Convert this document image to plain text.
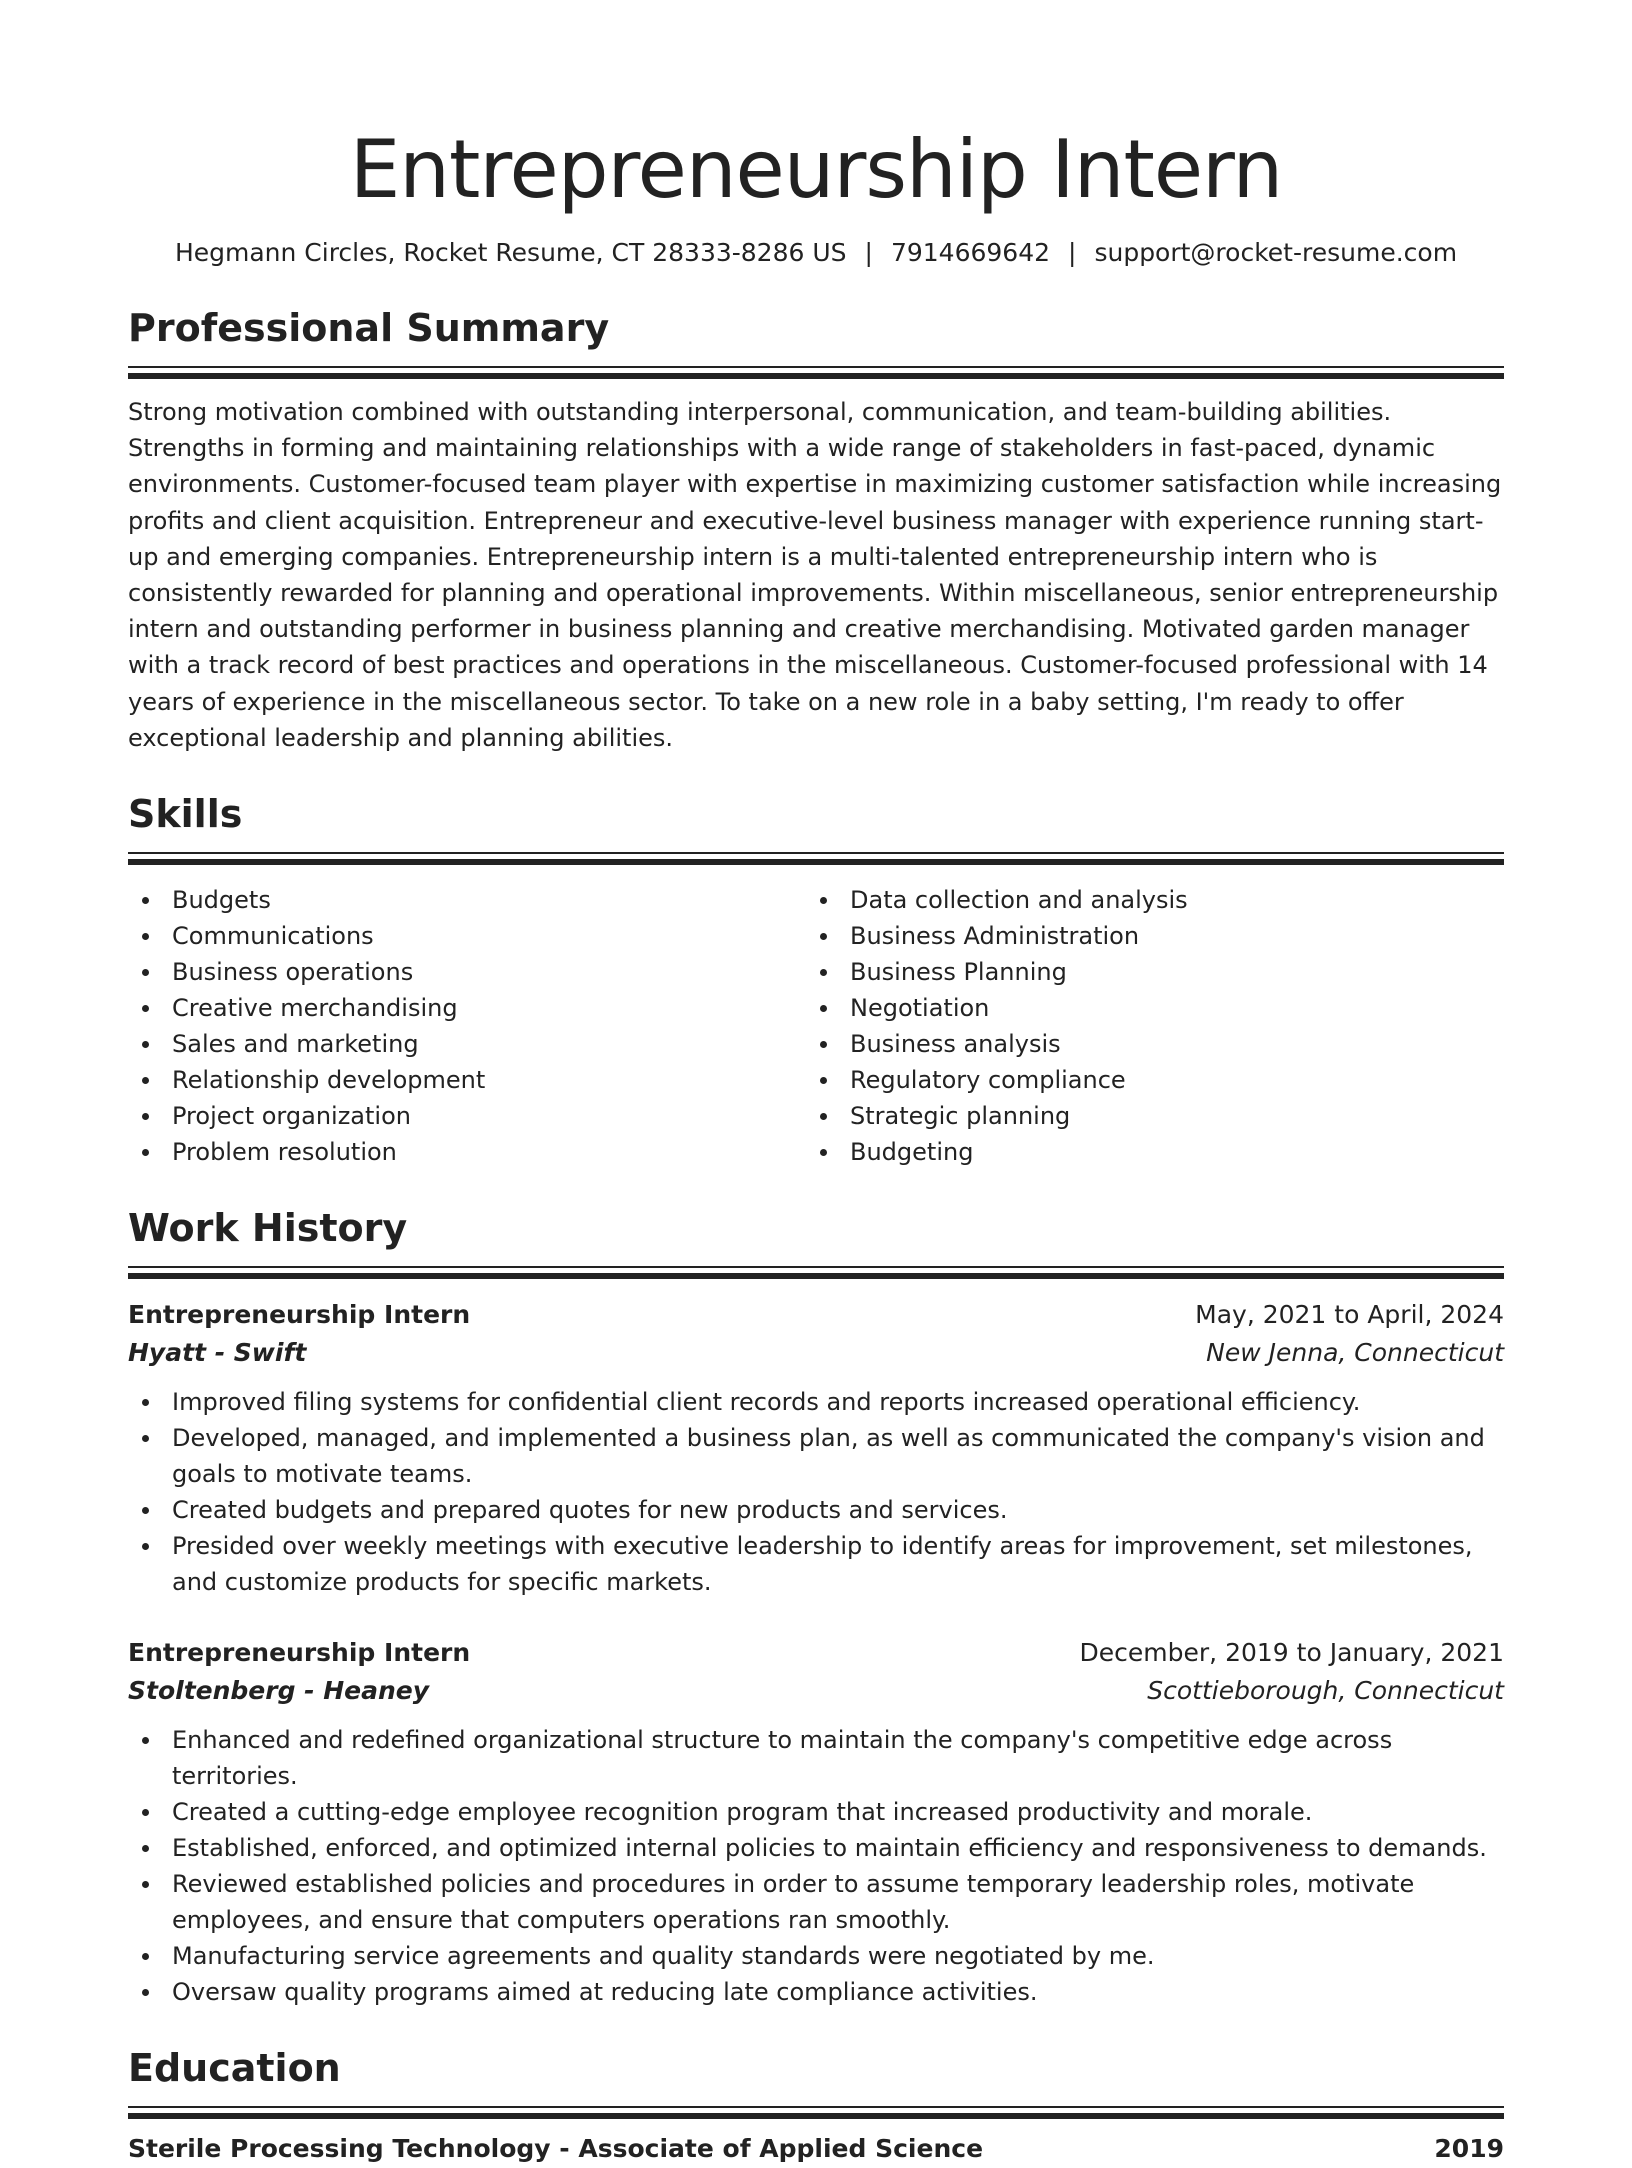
Entrepreneurship Intern
Hegmann Circles, Rocket Resume, CT 28333-8286 US | 7914669642 | support@rocket-resume.com
Professional Summary

Strong motivation combined with outstanding interpersonal, communication, and team-building abilities. Strengths in forming and maintaining relationships with a wide range of stakeholders in fast-paced, dynamic environments. Customer-focused team player with expertise in maximizing customer satisfaction while increasing profits and client acquisition. Entrepreneur and executive-level business manager with experience running start-up and emerging companies. Entrepreneurship intern is a multi-talented entrepreneurship intern who is consistently rewarded for planning and operational improvements. Within miscellaneous, senior entrepreneurship intern and outstanding performer in business planning and creative merchandising. Motivated garden manager with a track record of best practices and operations in the miscellaneous. Customer-focused professional with 14 years of experience in the miscellaneous sector. To take on a new role in a baby setting, I'm ready to offer exceptional leadership and planning abilities.

Skills
Budgets
Communications
Business operations
Creative merchandising
Sales and marketing
Relationship development
Project organization
Problem resolution
Data collection and analysis
Business Administration
Business Planning
Negotiation
Business analysis
Regulatory compliance
Strategic planning
Budgeting
Work History
Entrepreneurship Intern	May, 2021 to April, 2024
Hyatt - Swift	New Jenna, Connecticut
Improved filing systems for confidential client records and reports increased operational efficiency.
Developed, managed, and implemented a business plan, as well as communicated the company's vision and goals to motivate teams.
Created budgets and prepared quotes for new products and services.
Presided over weekly meetings with executive leadership to identify areas for improvement, set milestones, and customize products for specific markets.
Entrepreneurship Intern	December, 2019 to January, 2021
Stoltenberg - Heaney	Scottieborough, Connecticut
Enhanced and redefined organizational structure to maintain the company's competitive edge across territories.
Created a cutting-edge employee recognition program that increased productivity and morale.
Established, enforced, and optimized internal policies to maintain efficiency and responsiveness to demands.
Reviewed established policies and procedures in order to assume temporary leadership roles, motivate employees, and ensure that computers operations ran smoothly.
Manufacturing service agreements and quality standards were negotiated by me.
Oversaw quality programs aimed at reducing late compliance activities.
Education
Sterile Processing Technology - Associate of Applied Science	2019
